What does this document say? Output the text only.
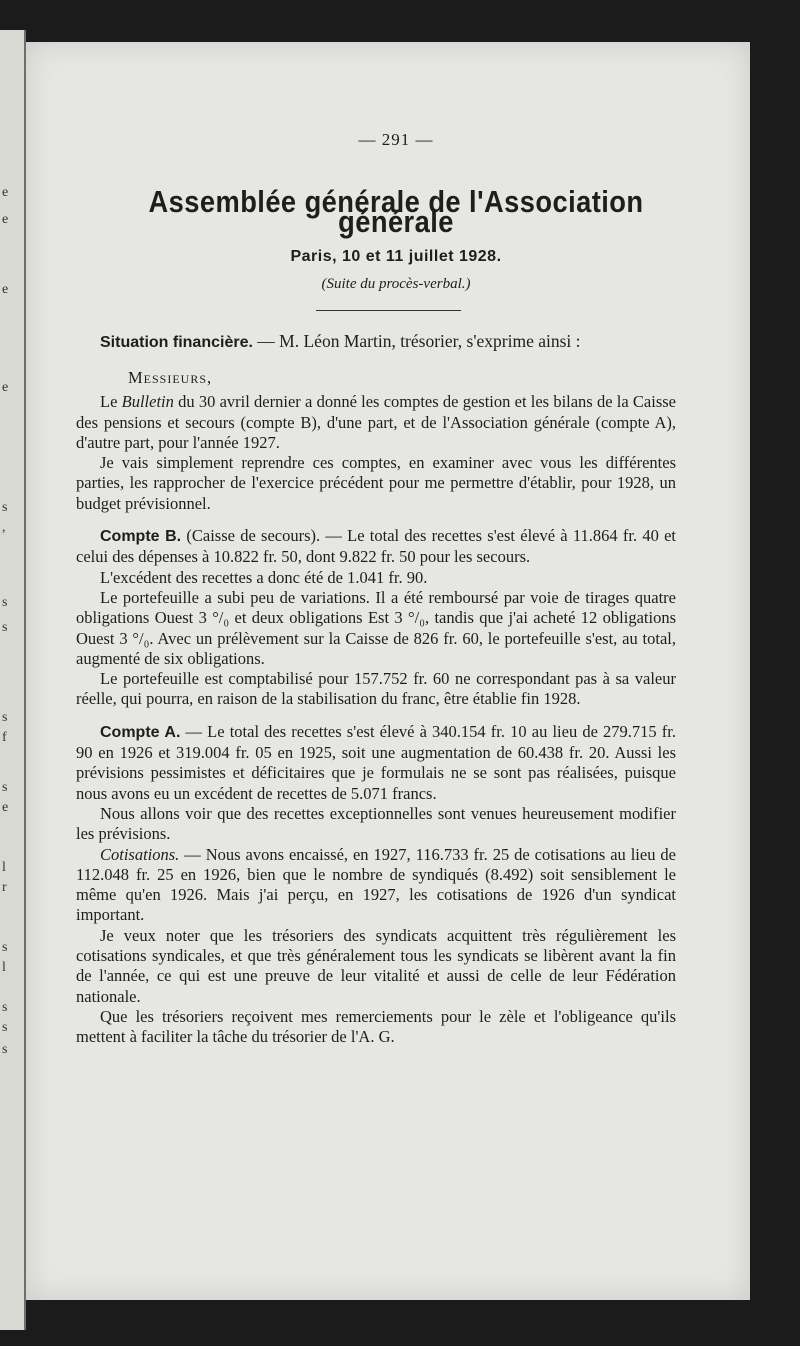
e
e
e
e
s
,
s
s
s
f
s
e
l
r
s
l
s
s
s
— 291 —
Assemblée générale de l'Association générale
Paris, 10 et 11 juillet 1928.
(Suite du procès-verbal.)

Situation financière. — M. Léon Martin, trésorier, s'exprime ainsi :

Messieurs,

Le Bulletin du 30 avril dernier a donné les comptes de gestion et les bilans de la Caisse des pensions et secours (compte B), d'une part, et de l'Association générale (compte A), d'autre part, pour l'année 1927.

Je vais simplement reprendre ces comptes, en examiner avec vous les différentes parties, les rapprocher de l'exercice précédent pour me permettre d'établir, pour 1928, un budget prévisionnel.

Compte B. (Caisse de secours). — Le total des recettes s'est élevé à 11.864 fr. 40 et celui des dépenses à 10.822 fr. 50, dont 9.822 fr. 50 pour les secours.

L'excédent des recettes a donc été de 1.041 fr. 90.

Le portefeuille a subi peu de variations. Il a été remboursé par voie de tirages quatre obligations Ouest 3 °/₀ et deux obligations Est 3 °/₀, tandis que j'ai acheté 12 obligations Ouest 3 °/₀. Avec un prélèvement sur la Caisse de 826 fr. 60, le portefeuille s'est, au total, augmenté de six obligations.

Le portefeuille est comptabilisé pour 157.752 fr. 60 ne correspondant pas à sa valeur réelle, qui pourra, en raison de la stabilisation du franc, être établie fin 1928.

Compte A. — Le total des recettes s'est élevé à 340.154 fr. 10 au lieu de 279.715 fr. 90 en 1926 et 319.004 fr. 05 en 1925, soit une augmentation de 60.438 fr. 20. Aussi les prévisions pessimistes et déficitaires que je formulais ne se sont pas réalisées, puisque nous avons eu un excédent de recettes de 5.071 francs.

Nous allons voir que des recettes exceptionnelles sont venues heureusement modifier les prévisions.

Cotisations. — Nous avons encaissé, en 1927, 116.733 fr. 25 de cotisations au lieu de 112.048 fr. 25 en 1926, bien que le nombre de syndiqués (8.492) soit sensiblement le même qu'en 1926. Mais j'ai perçu, en 1927, les cotisations de 1926 d'un syndicat important.

Je veux noter que les trésoriers des syndicats acquittent très régulièrement les cotisations syndicales, et que très généralement tous les syndicats se libèrent avant la fin de l'année, ce qui est une preuve de leur vitalité et aussi de celle de leur Fédération nationale.

Que les trésoriers reçoivent mes remerciements pour le zèle et l'obligeance qu'ils mettent à faciliter la tâche du trésorier de l'A. G.
